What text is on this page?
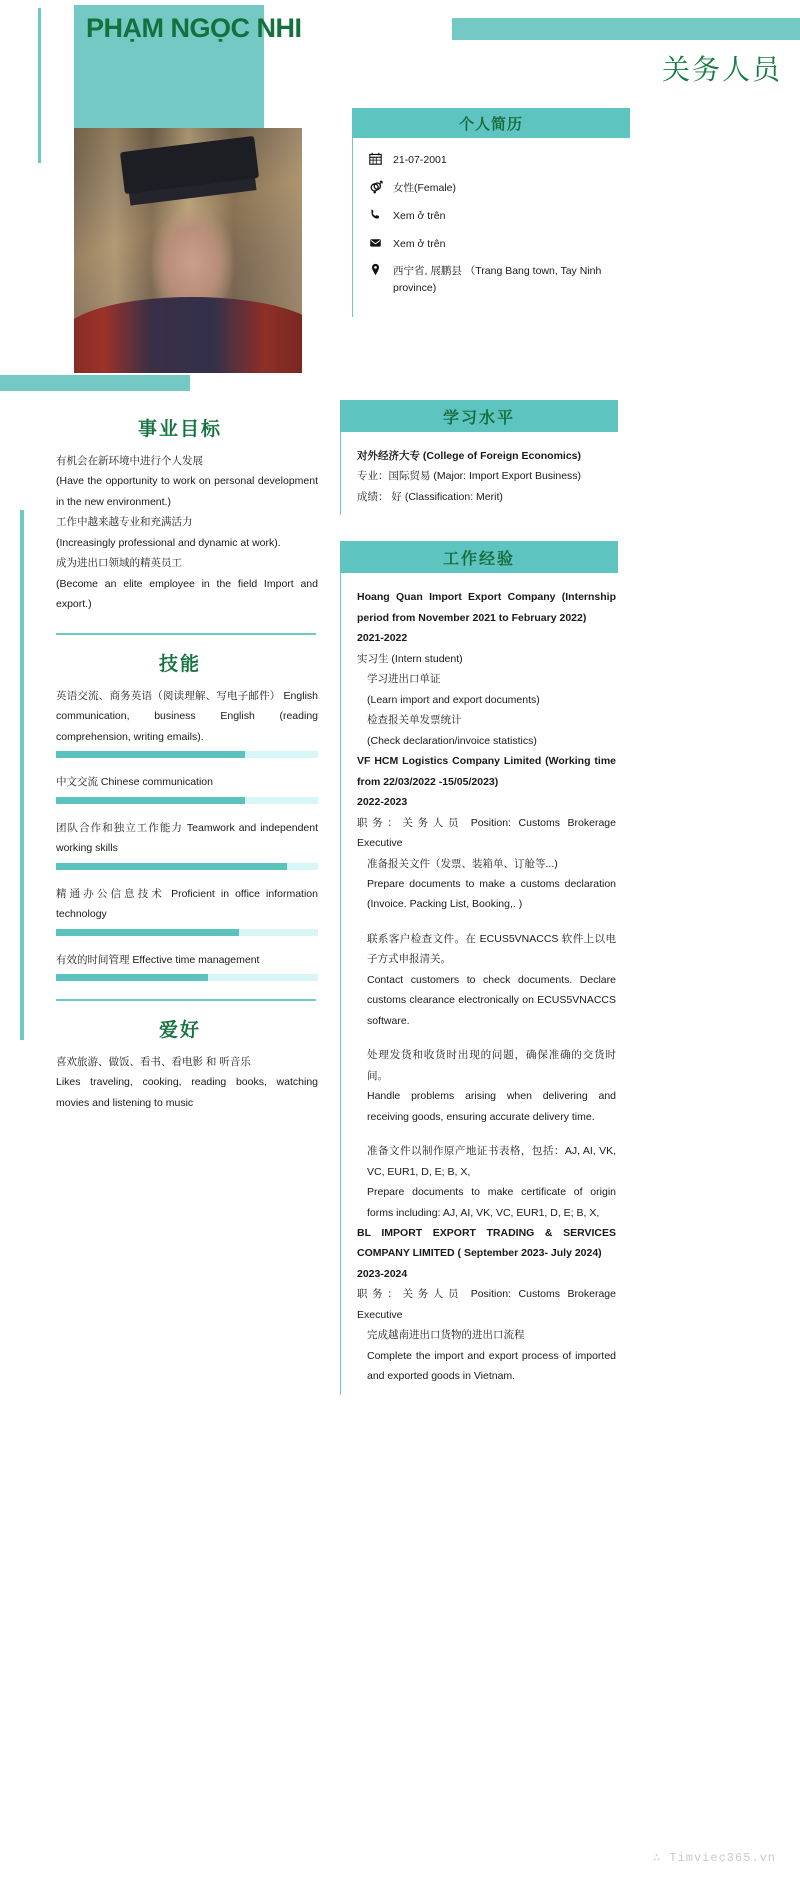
PHẠM NGỌC NHI
关务人员
个人简历
21-07-2001
女性(Female)
Xem ở trên
Xem ở trên
西宁省, 展鹏县 （Trang Bang town, Tay Ninh province)
事业目标

有机会在新环境中进行个人发展

(Have the opportunity to work on personal development in the new environment.)

工作中越来越专业和充满活力

(Increasingly professional and dynamic at work).

成为进出口领域的精英员工

(Become an elite employee in the field Import and export.)

技能
英语交流、商务英语（阅读理解、写电子邮件） English communication, business English (reading comprehension, writing emails).
中文交流 Chinese communication
团队合作和独立工作能力 Teamwork and independent working skills
精通办公信息技术 Proficient in office information technology
有效的时间管理 Effective time management
爱好

喜欢旅游、做饭、看书、看电影 和 听音乐

Likes traveling, cooking, reading books, watching movies and listening to music

学习水平

对外经济大专 (College of Foreign Economics)

专业：国际贸易 (Major: Import Export Business)

成绩： 好 (Classification: Merit)

工作经验

Hoang Quan Import Export Company (Internship period from November 2021 to February 2022)

2021-2022

实习生 (Intern student)

学习进出口单证

(Learn import and export documents)

检查报关单发票统计

(Check declaration/invoice statistics)

VF HCM Logistics Company Limited (Working time from 22/03/2022 -15/05/2023)

2022-2023

职务：关务人员 Position: Customs Brokerage Executive

准备报关文件（发票、装箱单、订舱等...)

Prepare documents to make a customs declaration (Invoice. Packing List, Booking,. )

联系客户检查文件。在 ECUS5VNACCS 软件上以电子方式申报清关。

Contact customers to check documents. Declare customs clearance electronically on ECUS5VNACCS software.

处理发货和收货时出现的问题，确保准确的交货时间。

Handle problems arising when delivering and receiving goods, ensuring accurate delivery time.

准备文件以制作原产地证书表格，包括：AJ, AI, VK, VC, EUR1, D, E; B, X,

Prepare documents to make certificate of origin forms including: AJ, AI, VK, VC, EUR1, D, E; B, X,

BL IMPORT EXPORT TRADING & SERVICES COMPANY LIMITED ( September 2023- July 2024)

2023-2024

职务：关务人员 Position: Customs Brokerage Executive

完成越南进出口货物的进出口流程

Complete the import and export process of imported and exported goods in Vietnam.

∴ Timviec365.vn
